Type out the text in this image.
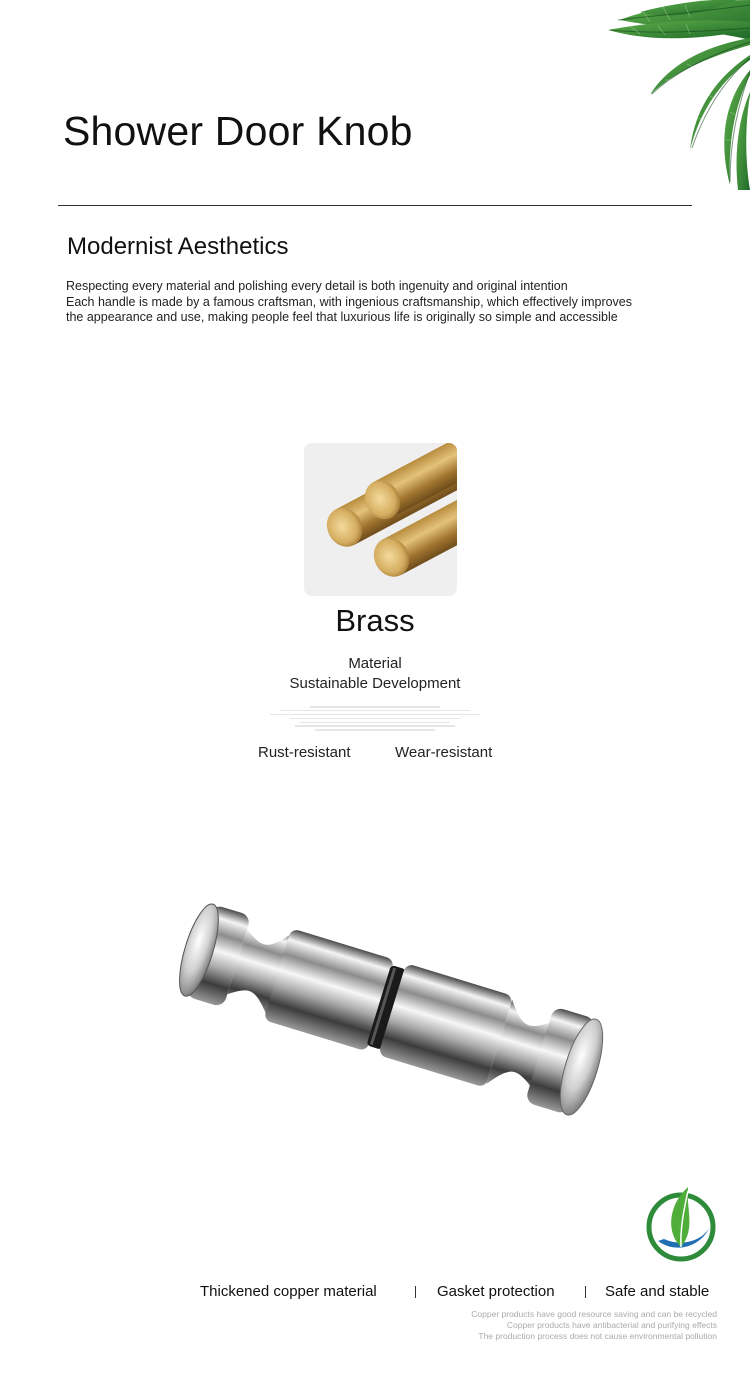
Shower Door Knob
Modernist Aesthetics
Respecting every material and polishing every detail is both ingenuity and original intention
Each handle is made by a famous craftsman, with ingenious craftsmanship, which effectively improves
the appearance and use, making people feel that luxurious life is originally so simple and accessible
Brass
Material
Sustainable Development
Rust-resistant	Wear-resistant
Thickened copper material	Gasket protection	Safe and stable
Copper products have good resource saving and can be recycled
Copper products have antibacterial and purifying effects
The production process does not cause environmental pollution
